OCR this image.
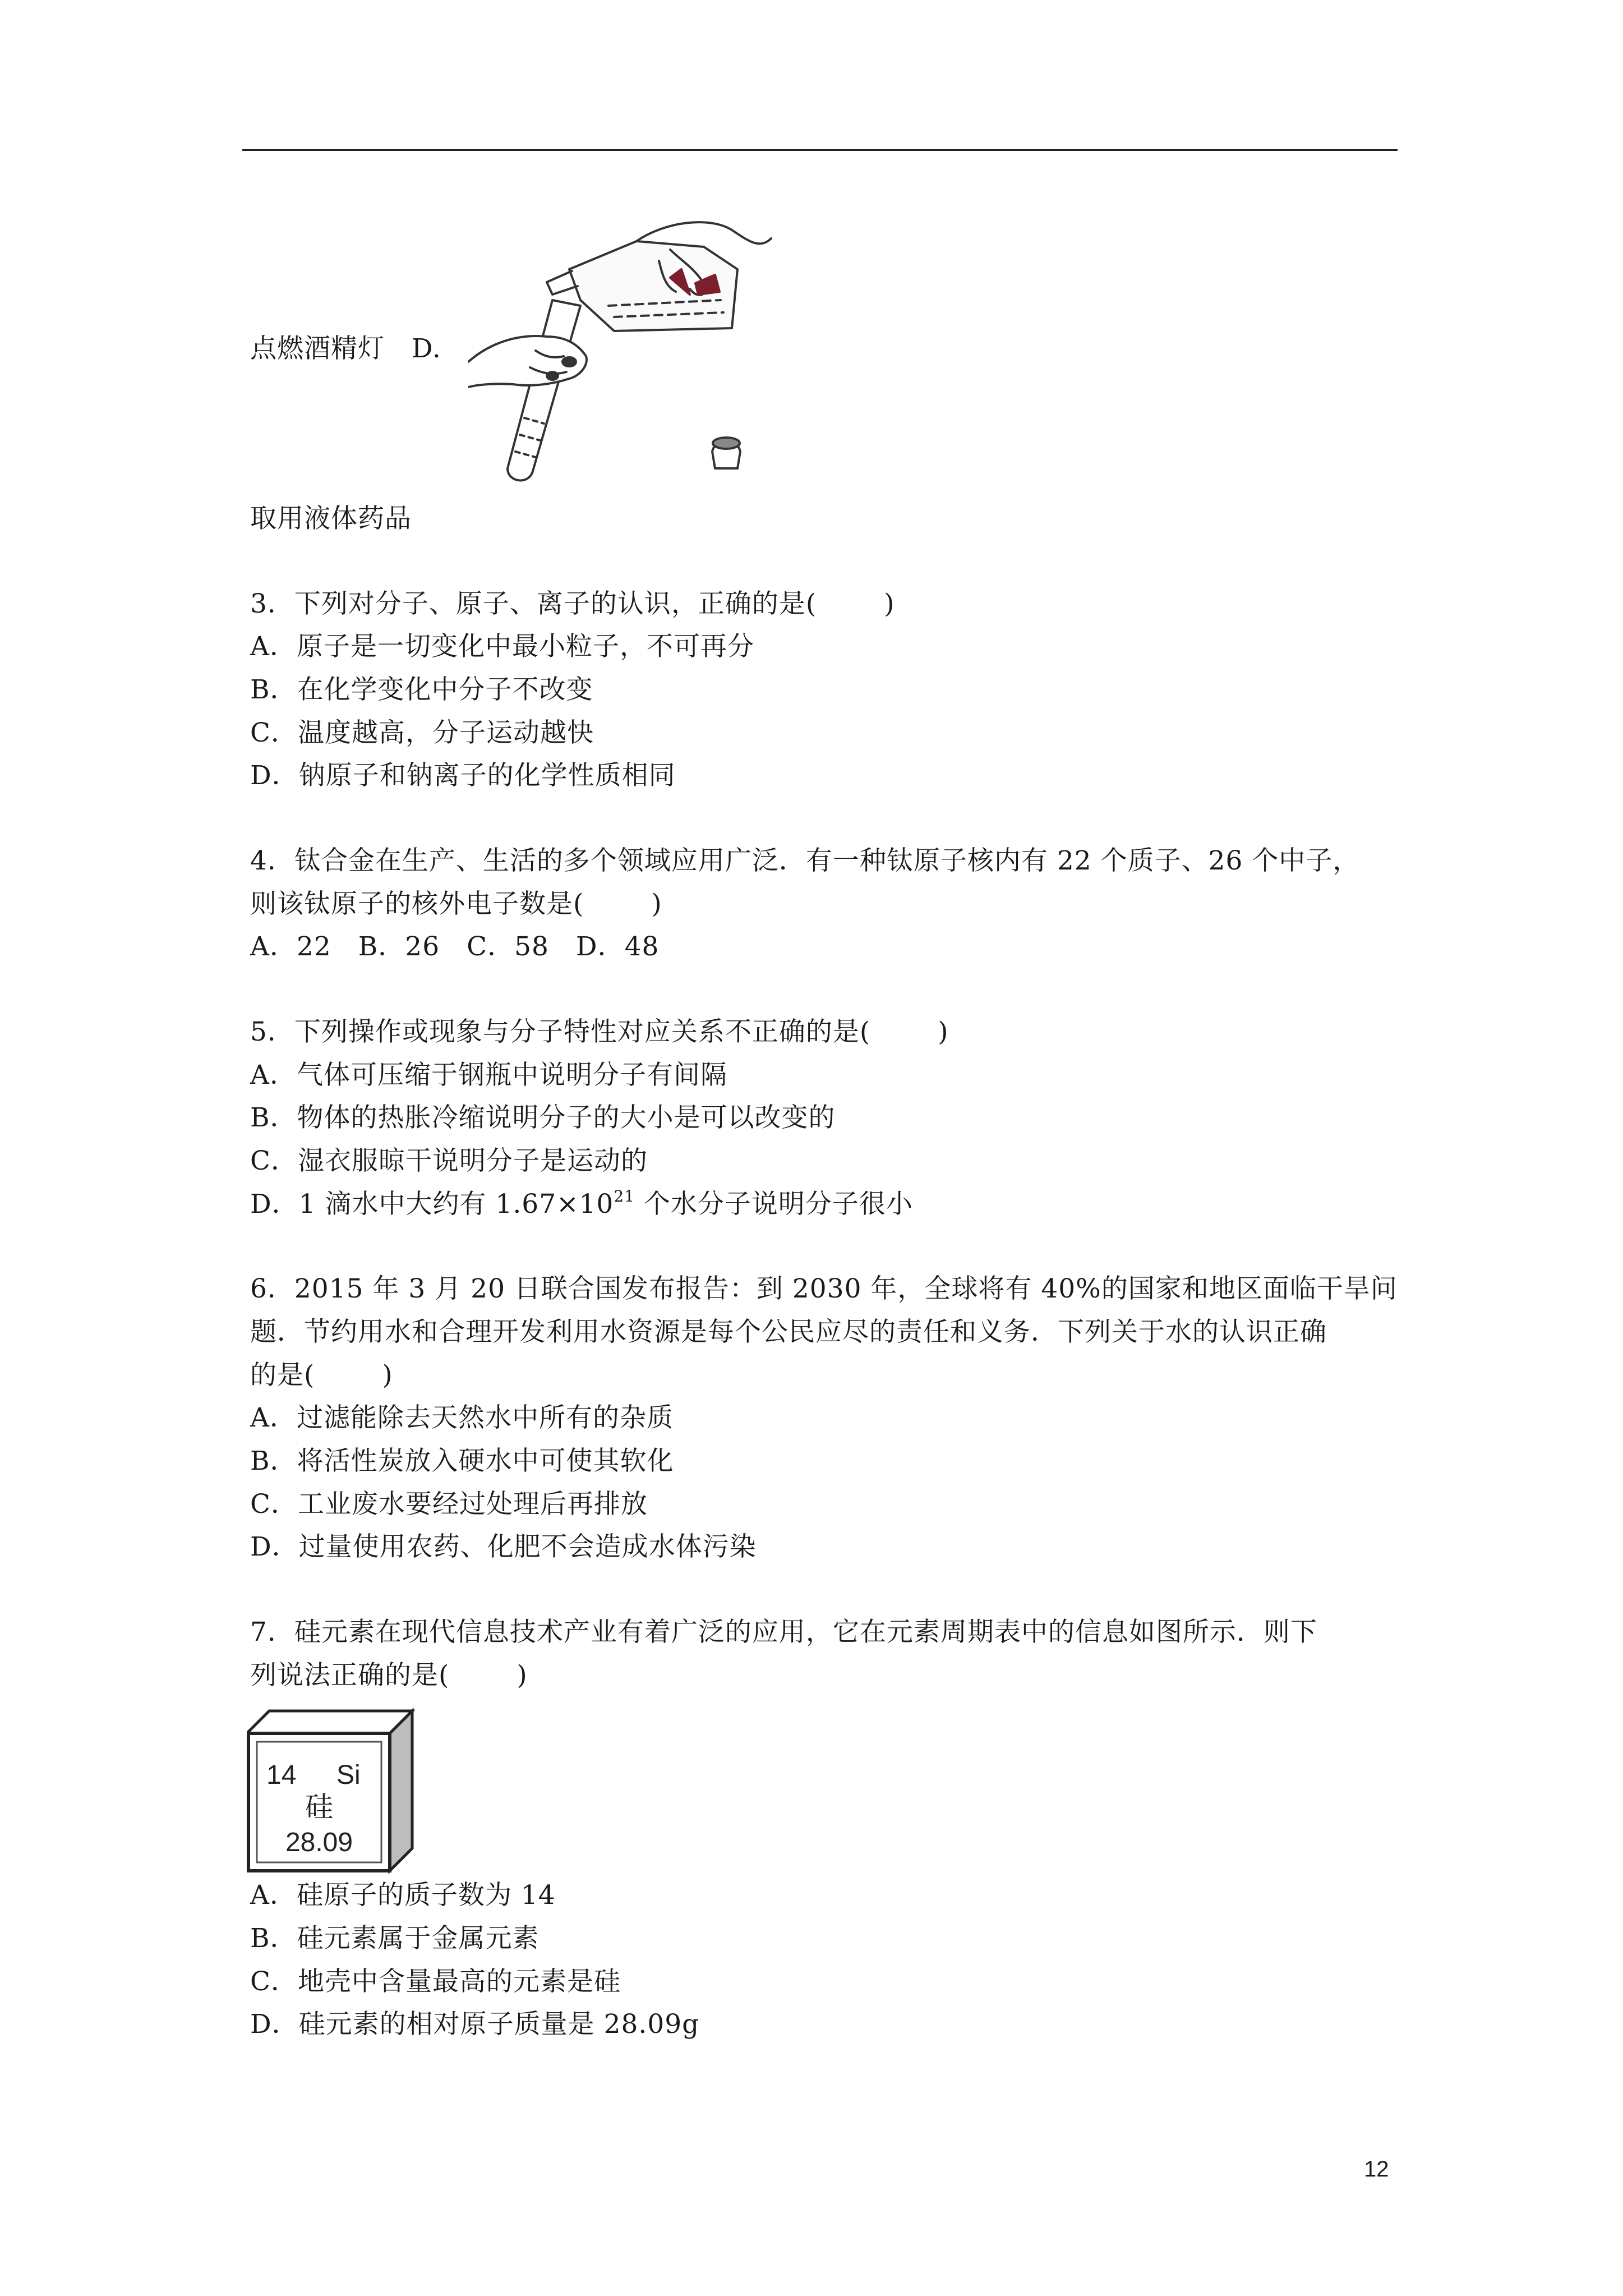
点燃酒精灯 D.
取用液体药品
3．下列对分子、原子、离子的认识，正确的是(	)
A．原子是一切变化中最小粒子，不可再分
B．在化学变化中分子不改变
C．温度越高，分子运动越快
D．钠原子和钠离子的化学性质相同
4．钛合金在生产、生活的多个领域应用广泛．有一种钛原子核内有 22 个质子、26 个中子，
则该钛原子的核外电子数是(	)
A．22 B．26 C．58 D．48
5．下列操作或现象与分子特性对应关系不正确的是(	)
A．气体可压缩于钢瓶中说明分子有间隔
B．物体的热胀冷缩说明分子的大小是可以改变的
C．湿衣服晾干说明分子是运动的
D．1 滴水中大约有 $1.67\times 10^{21}$ 个水分子说明分子很小
6．2015 年 3 月 20 日联合国发布报告：到 2030 年，全球将有 40%的国家和地区面临干旱问
题．节约用水和合理开发利用水资源是每个公民应尽的责任和义务．下列关于水的认识正确
的是(	)
A．过滤能除去天然水中所有的杂质
B．将活性炭放入硬水中可使其软化
C．工业废水要经过处理后再排放
D．过量使用农药、化肥不会造成水体污染
7．硅元素在现代信息技术产业有着广泛的应用，它在元素周期表中的信息如图所示．则下
列说法正确的是(	)
14 Si
硅
28.09
A．硅原子的质子数为 14
B．硅元素属于金属元素
C．地壳中含量最高的元素是硅
D．硅元素的相对原子质量是 28.09g
12
